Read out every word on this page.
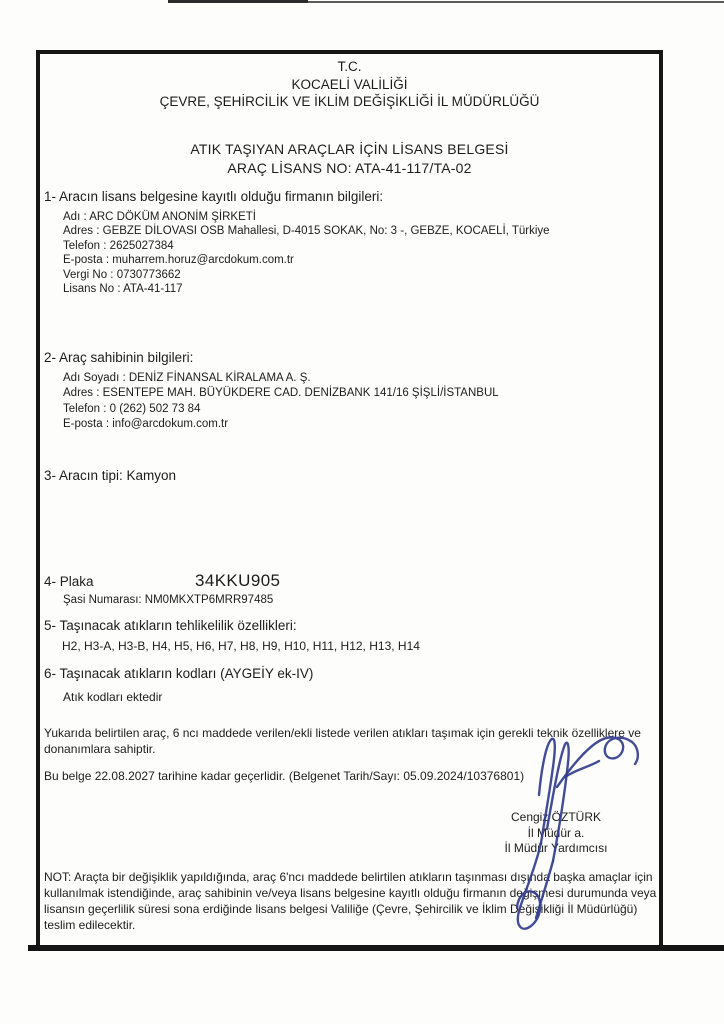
T.C.
KOCAELİ VALİLİĞİ
ÇEVRE, ŞEHİRCİLİK VE İKLİM DEĞİŞİKLİĞİ İL MÜDÜRLÜĞÜ
ATIK TAŞIYAN ARAÇLAR İÇİN LİSANS BELGESİ
ARAÇ LİSANS NO: ATA-41-117/TA-02
1- Aracın lisans belgesine kayıtlı olduğu firmanın bilgileri:
Adı : ARC DÖKÜM ANONİM ŞİRKETİ
Adres : GEBZE DİLOVASI OSB Mahallesi, D-4015 SOKAK, No: 3 -, GEBZE, KOCAELİ, Türkiye
Telefon : 2625027384
E-posta : muharrem.horuz@arcdokum.com.tr
Vergi No : 0730773662
Lisans No : ATA-41-117
2- Araç sahibinin bilgileri:
Adı Soyadı : DENİZ FİNANSAL KİRALAMA A. Ş.
Adres : ESENTEPE MAH. BÜYÜKDERE CAD. DENİZBANK 141/16 ŞİŞLİ/İSTANBUL
Telefon : 0 (262) 502 73 84
E-posta : info@arcdokum.com.tr
3- Aracın tipi: Kamyon
4- Plaka	34KKU905
Şasi Numarası: NM0MKXTP6MRR97485
5- Taşınacak atıkların tehlikelilik özellikleri:
H2, H3-A, H3-B, H4, H5, H6, H7, H8, H9, H10, H11, H12, H13, H14
6- Taşınacak atıkların kodları (AYGEİY ek-IV)
Atık kodları ektedir
Yukarıda belirtilen araç, 6 ncı maddede verilen/ekli listede verilen atıkları taşımak için gerekli teknik özelliklere ve donanımlara sahiptir.
Bu belge 22.08.2027 tarihine kadar geçerlidir. (Belgenet Tarih/Sayı: 05.09.2024/10376801)
Cengiz ÖZTÜRK
İl Müdür a.
İl Müdür Yardımcısı
NOT: Araçta bir değişiklik yapıldığında, araç 6'ncı maddede belirtilen atıkların taşınması dışında başka amaçlar için kullanılmak istendiğinde, araç sahibinin ve/veya lisans belgesine kayıtlı olduğu firmanın değişmesi durumunda veya lisansın geçerlilik süresi sona erdiğinde lisans belgesi Valiliğe (Çevre, Şehircilik ve İklim Değişikliği İl Müdürlüğü) teslim edilecektir.
